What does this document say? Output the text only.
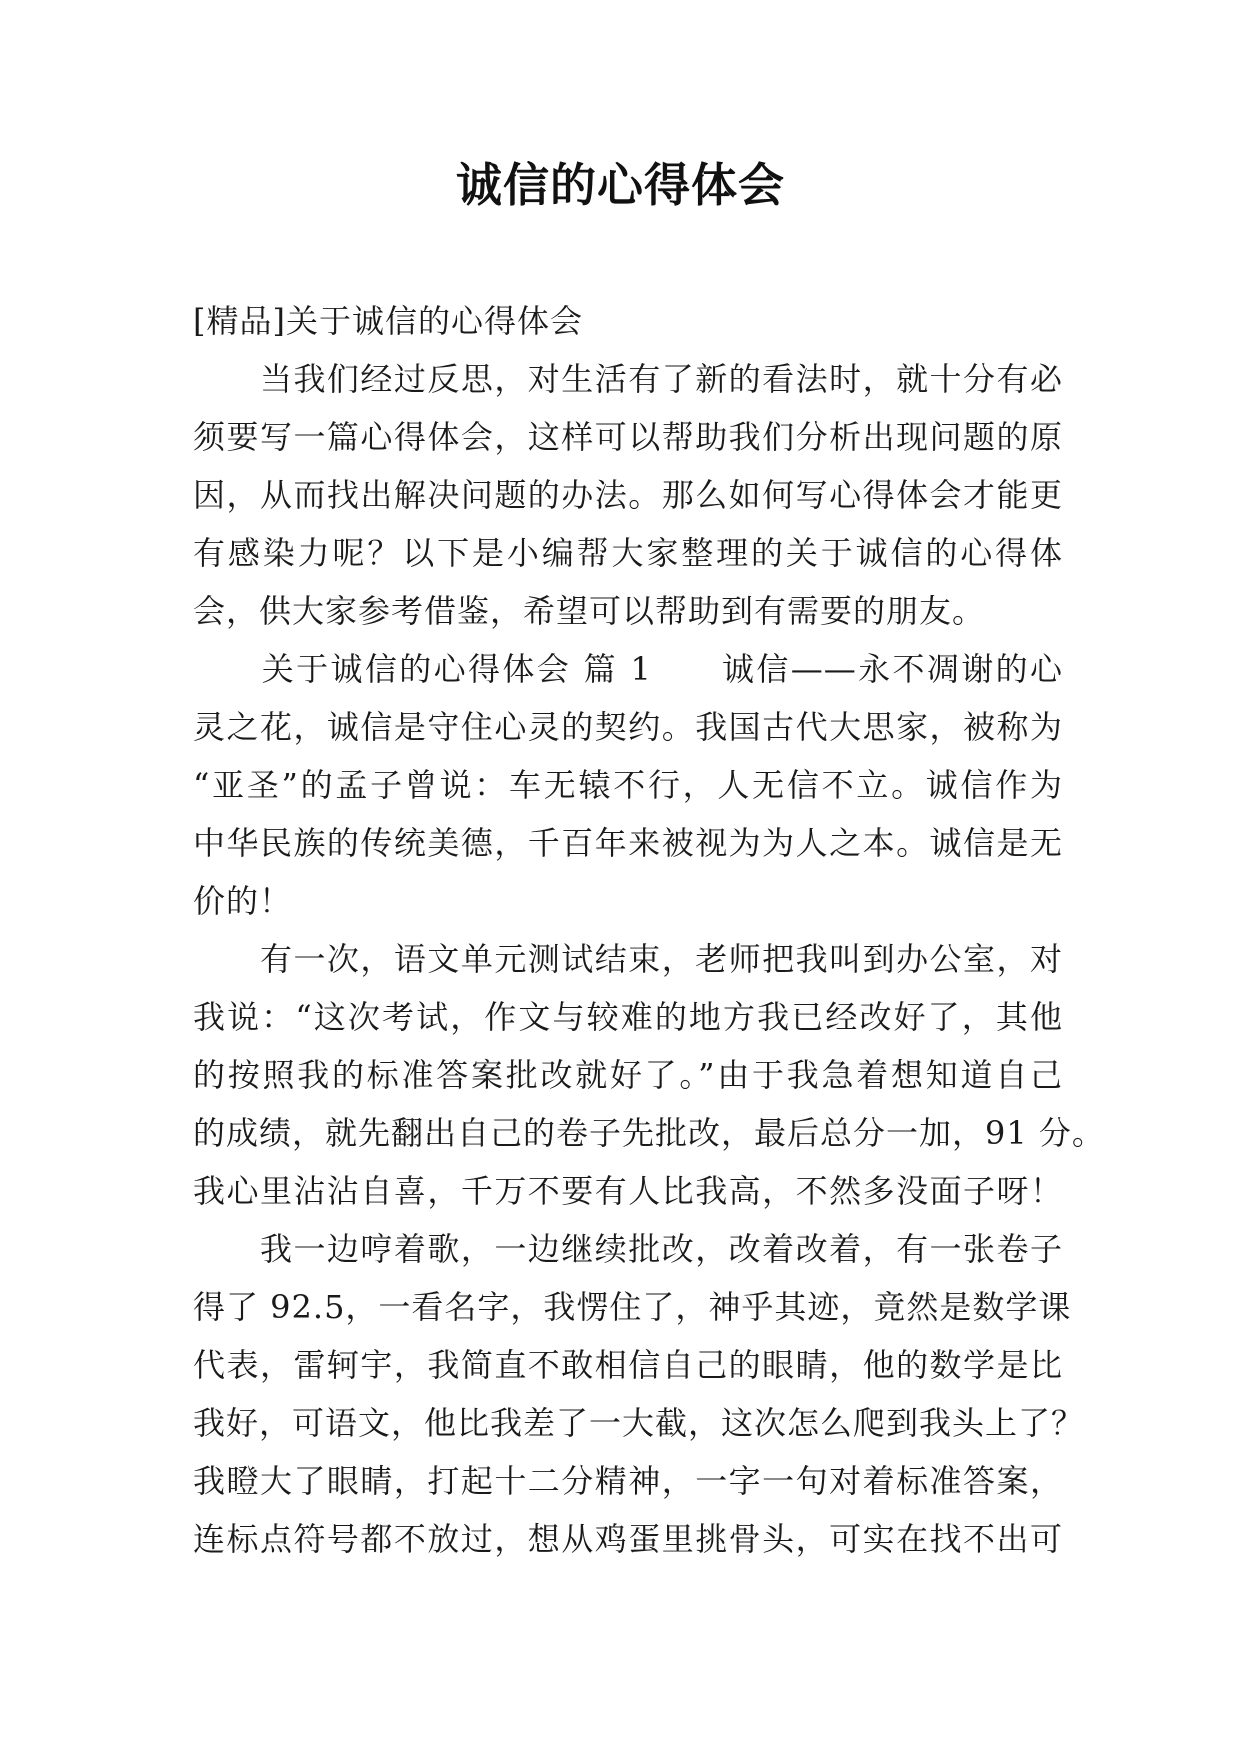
诚信的心得体会
[精品]关于诚信的心得体会
　　当我们经过反思，对生活有了新的看法时，就十分有必
须要写一篇心得体会，这样可以帮助我们分析出现问题的原
因，从而找出解决问题的办法。那么如何写心得体会才能更
有感染力呢？以下是小编帮大家整理的关于诚信的心得体
会，供大家参考借鉴，希望可以帮助到有需要的朋友。
　　关于诚信的心得体会 篇 1　　诚信——永不凋谢的心
灵之花，诚信是守住心灵的契约。我国古代大思家，被称为
“亚圣”的孟子曾说：车无辕不行，人无信不立。诚信作为
中华民族的传统美德，千百年来被视为为人之本。诚信是无
价的！
　　有一次，语文单元测试结束，老师把我叫到办公室，对
我说：“这次考试，作文与较难的地方我已经改好了，其他
的按照我的标准答案批改就好了。”由于我急着想知道自己
的成绩，就先翻出自己的卷子先批改，最后总分一加，91 分。
我心里沾沾自喜，千万不要有人比我高，不然多没面子呀！
　　我一边哼着歌，一边继续批改，改着改着，有一张卷子
得了 92.5，一看名字，我愣住了，神乎其迹，竟然是数学课
代表，雷轲宇，我简直不敢相信自己的眼睛，他的数学是比
我好，可语文，他比我差了一大截，这次怎么爬到我头上了？
我瞪大了眼睛，打起十二分精神，一字一句对着标准答案，
连标点符号都不放过，想从鸡蛋里挑骨头，可实在找不出可
